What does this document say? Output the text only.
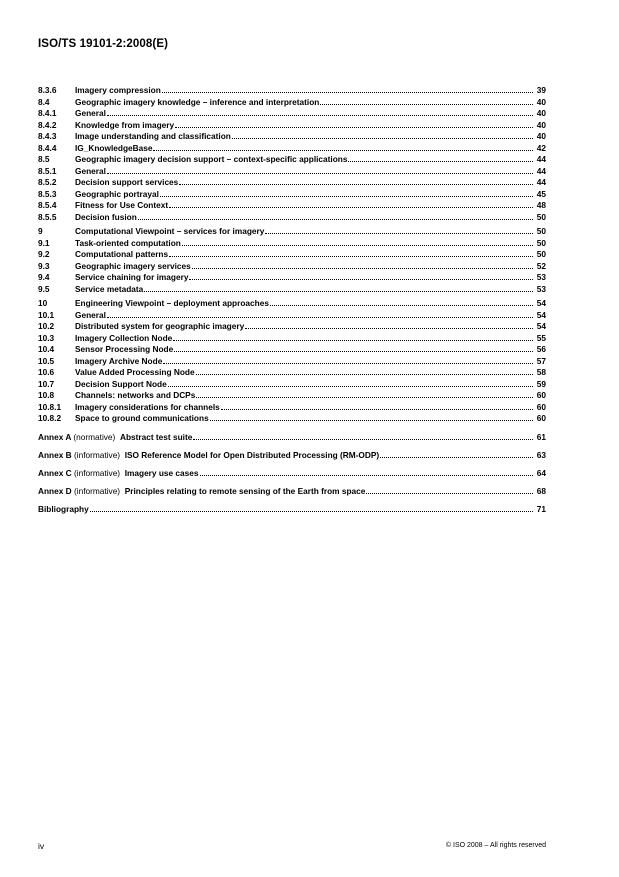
ISO/TS 19101-2:2008(E)
8.3.6	Imagery compression	39
8.4	Geographic imagery knowledge – inference and interpretation	40
8.4.1	General	40
8.4.2	Knowledge from imagery	40
8.4.3	Image understanding and classification	40
8.4.4	IG_KnowledgeBase	42
8.5	Geographic imagery decision support – context-specific applications	44
8.5.1	General	44
8.5.2	Decision support services	44
8.5.3	Geographic portrayal	45
8.5.4	Fitness for Use Context	48
8.5.5	Decision fusion	50
9	Computational Viewpoint – services for imagery	50
9.1	Task-oriented computation	50
9.2	Computational patterns	50
9.3	Geographic imagery services	52
9.4	Service chaining for imagery	53
9.5	Service metadata	53
10	Engineering Viewpoint – deployment approaches	54
10.1	General	54
10.2	Distributed system for geographic imagery	54
10.3	Imagery Collection Node	55
10.4	Sensor Processing Node	56
10.5	Imagery Archive Node	57
10.6	Value Added Processing Node	58
10.7	Decision Support Node	59
10.8	Channels: networks and DCPs	60
10.8.1	Imagery considerations for channels	60
10.8.2	Space to ground communications	60
Annex A (normative) Abstract test suite	61
Annex B (informative) ISO Reference Model for Open Distributed Processing (RM-ODP)	63
Annex C (informative) Imagery use cases	64
Annex D (informative) Principles relating to remote sensing of the Earth from space	68
Bibliography	71
iv	© ISO 2008 – All rights reserved
